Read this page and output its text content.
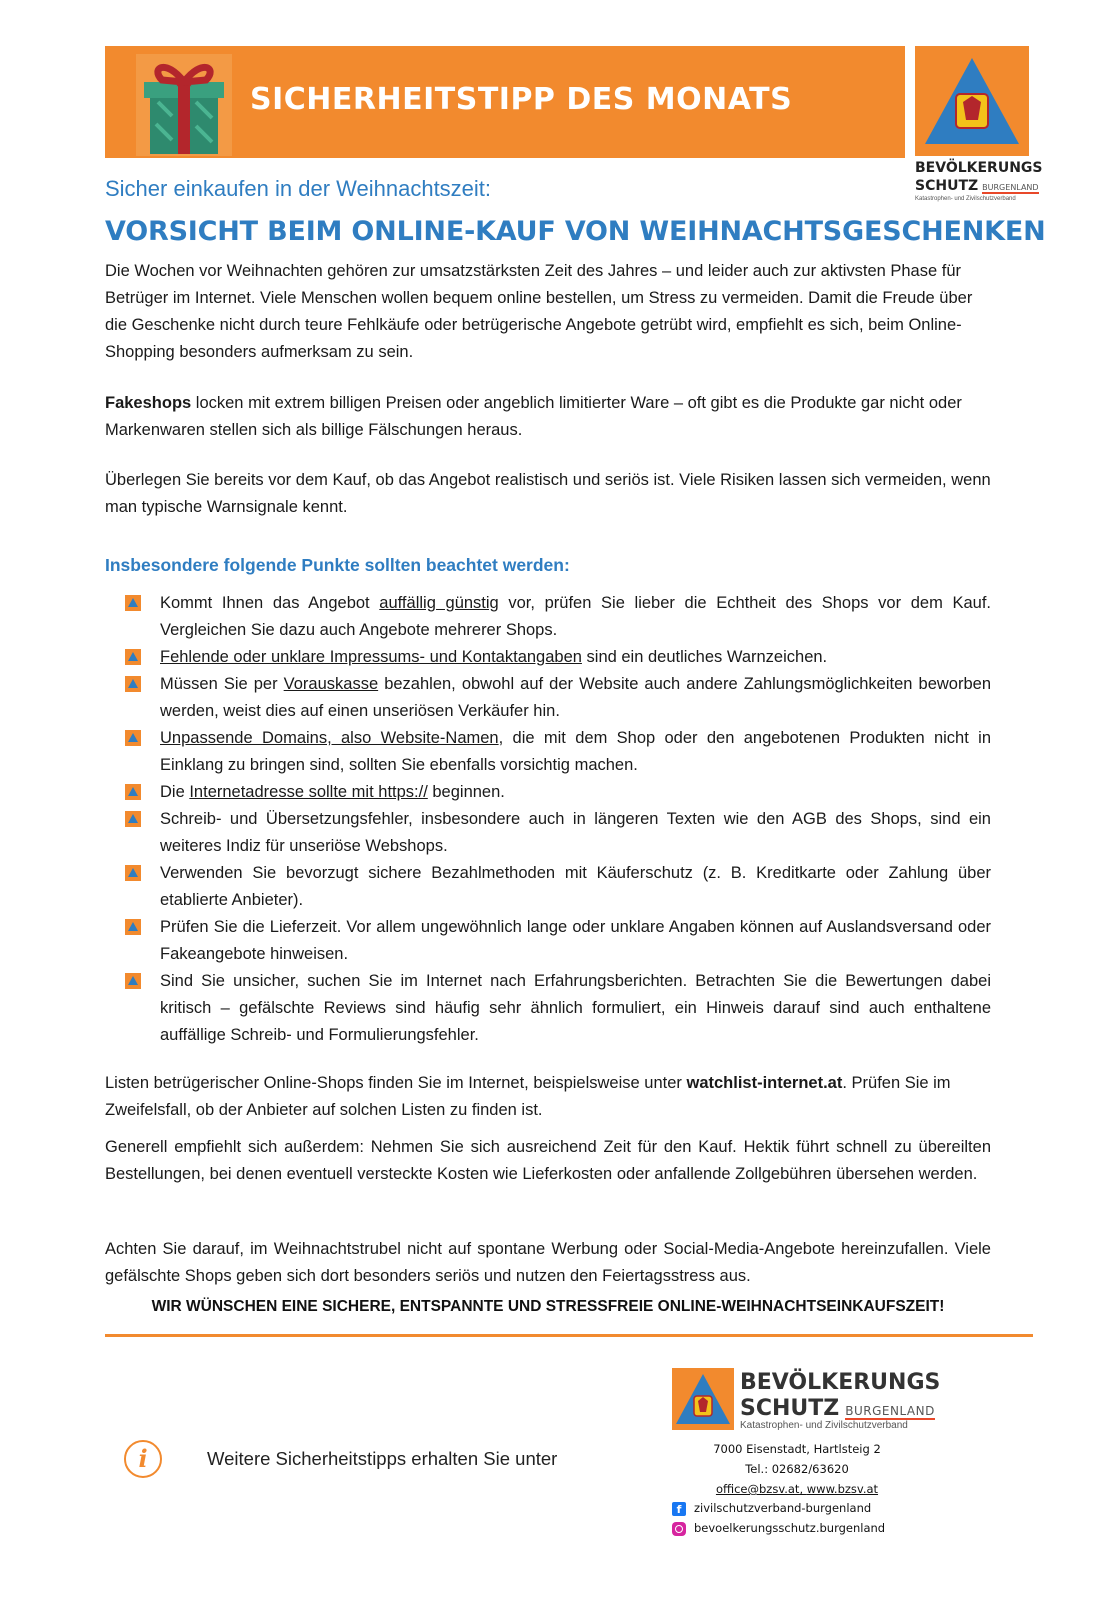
SICHERHEITSTIPP DES MONATS
BEVÖLKERUNGS
SCHUTZ BURGENLAND
Katastrophen- und Zivilschutzverband
Sicher einkaufen in der Weihnachtszeit:
VORSICHT BEIM ONLINE-KAUF VON WEIHNACHTSGESCHENKEN
Die Wochen vor Weihnachten gehören zur umsatzstärksten Zeit des Jahres – und leider auch zur aktivsten Phase für Betrüger im Internet. Viele Menschen wollen bequem online bestellen, um Stress zu vermeiden. Damit die Freude über die Geschenke nicht durch teure Fehlkäufe oder betrügerische Angebote getrübt wird, empfiehlt es sich, beim Online-Shopping besonders aufmerksam zu sein.
Fakeshops locken mit extrem billigen Preisen oder angeblich limitierter Ware – oft gibt es die Produkte gar nicht oder Markenwaren stellen sich als billige Fälschungen heraus.
Überlegen Sie bereits vor dem Kauf, ob das Angebot realistisch und seriös ist. Viele Risiken lassen sich vermeiden, wenn man typische Warnsignale kennt.
Insbesondere folgende Punkte sollten beachtet werden:
Kommt Ihnen das Angebot auffällig günstig vor, prüfen Sie lieber die Echtheit des Shops vor dem Kauf. Vergleichen Sie dazu auch Angebote mehrerer Shops.
Fehlende oder unklare Impressums- und Kontaktangaben sind ein deutliches Warnzeichen.
Müssen Sie per Vorauskasse bezahlen, obwohl auf der Website auch andere Zahlungsmöglichkeiten beworben werden, weist dies auf einen unseriösen Verkäufer hin.
Unpassende Domains, also Website-Namen, die mit dem Shop oder den angebotenen Produkten nicht in Einklang zu bringen sind, sollten Sie ebenfalls vorsichtig machen.
Die Internetadresse sollte mit https:// beginnen.
Schreib- und Übersetzungsfehler, insbesondere auch in längeren Texten wie den AGB des Shops, sind ein weiteres Indiz für unseriöse Webshops.
Verwenden Sie bevorzugt sichere Bezahlmethoden mit Käuferschutz (z. B. Kreditkarte oder Zahlung über etablierte Anbieter).
Prüfen Sie die Lieferzeit. Vor allem ungewöhnlich lange oder unklare Angaben können auf Auslandsversand oder Fakeangebote hinweisen.
Sind Sie unsicher, suchen Sie im Internet nach Erfahrungsberichten. Betrachten Sie die Bewertungen dabei kritisch – gefälschte Reviews sind häufig sehr ähnlich formuliert, ein Hinweis darauf sind auch enthaltene auffällige Schreib- und Formulierungsfehler.
Listen betrügerischer Online-Shops finden Sie im Internet, beispielsweise unter watchlist-internet.at. Prüfen Sie im Zweifelsfall, ob der Anbieter auf solchen Listen zu finden ist.
Generell empfiehlt sich außerdem: Nehmen Sie sich ausreichend Zeit für den Kauf. Hektik führt schnell zu übereilten Bestellungen, bei denen eventuell versteckte Kosten wie Lieferkosten oder anfallende Zollgebühren übersehen werden.
Achten Sie darauf, im Weihnachtstrubel nicht auf spontane Werbung oder Social-Media-Angebote hereinzufallen. Viele gefälschte Shops geben sich dort besonders seriös und nutzen den Feiertagsstress aus.
WIR WÜNSCHEN EINE SICHERE, ENTSPANNTE UND STRESSFREIE ONLINE-WEIHNACHTSEINKAUFSZEIT!
i	Weitere Sicherheitstipps erhalten Sie unter
BEVÖLKERUNGS
SCHUTZ BURGENLAND
Katastrophen- und Zivilschutzverband
7000 Eisenstadt, Hartlsteig 2
Tel.: 02682/63620
office@bzsv.at, www.bzsv.at
f zivilschutzverband-burgenland
bevoelkerungsschutz.burgenland
